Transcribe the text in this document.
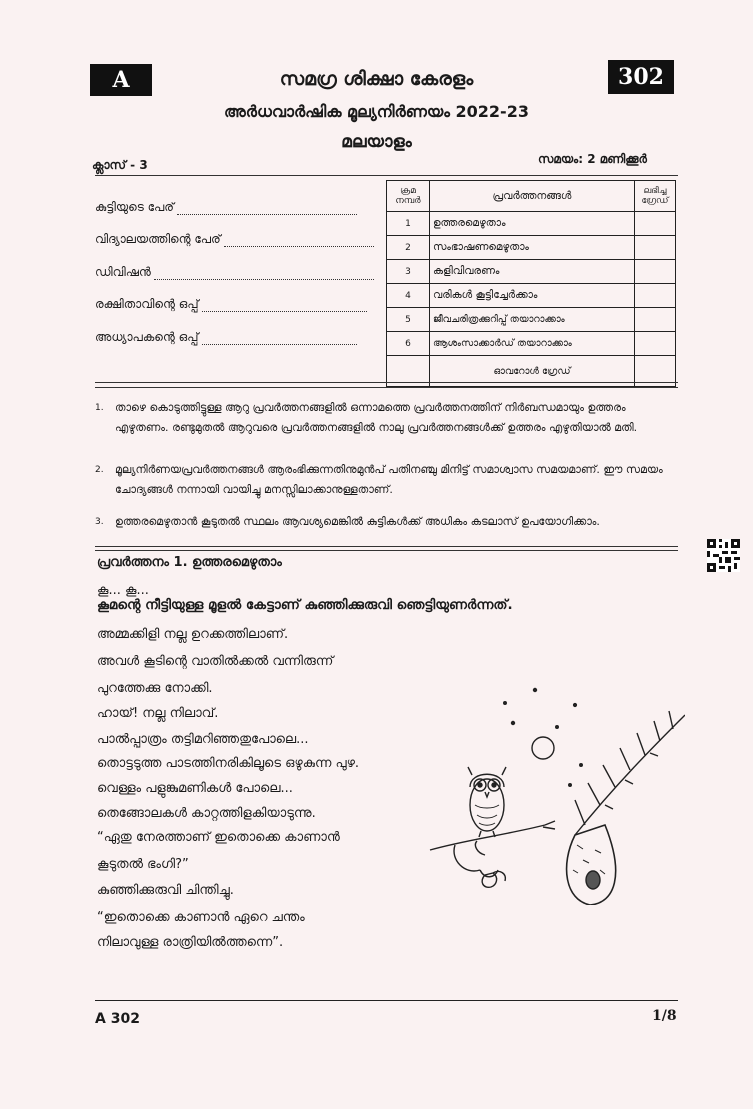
A	302
സമഗ്ര ശിക്ഷാ കേരളം
അർധവാർഷിക മൂല്യനിർണയം 2022-23
മലയാളം
ക്ലാസ് - 3	സമയം: 2 മണിക്കൂർ
കുട്ടിയുടെ പേര്
വിദ്യാലയത്തിന്റെ പേര്
ഡിവിഷൻ
രക്ഷിതാവിന്റെ ഒപ്പ്
അധ്യാപകന്റെ ഒപ്പ്
ക്രമ നമ്പർ	പ്രവർത്തനങ്ങൾ	ലഭിച്ച ഗ്രേഡ്
1	ഉത്തരമെഴുതാം	
2	സംഭാഷണമെഴുതാം	
3	കളിവിവരണം	
4	വരികൾ കൂട്ടിച്ചേർക്കാം	
5	ജീവചരിത്രക്കുറിപ്പ് തയാറാക്കാം	
6	ആശംസാക്കാർഡ് തയാറാക്കാം	
	ഓവറോൾ ഗ്രേഡ്	
1.	താഴെ കൊടുത്തിട്ടുള്ള ആറു പ്രവർത്തനങ്ങളിൽ ഒന്നാമത്തെ പ്രവർത്തനത്തിന് നിർബന്ധമായും ഉത്തരം എഴുതണം. രണ്ടുമുതൽ ആറുവരെ പ്രവർത്തനങ്ങളിൽ നാലു പ്രവർത്തനങ്ങൾക്ക് ഉത്തരം എഴുതിയാൽ മതി.
2.	മൂല്യനിർണയപ്രവർത്തനങ്ങൾ ആരംഭിക്കുന്നതിനുമുൻപ് പതിനഞ്ചു മിനിട്ട് സമാശ്വാസ സമയമാണ്. ഈ സമയം ചോദ്യങ്ങൾ നന്നായി വായിച്ചു മനസ്സിലാക്കാനുള്ളതാണ്.
3.	ഉത്തരമെഴുതാൻ കൂടുതൽ സ്ഥലം ആവശ്യമെങ്കിൽ കുട്ടികൾക്ക് അധികം കടലാസ് ഉപയോഗിക്കാം.
പ്രവർത്തനം 1. ഉത്തരമെഴുതാം
കൂ... കൂ...
കൂമന്റെ നീട്ടിയുള്ള മൂളൽ കേട്ടാണ് കുഞ്ഞിക്കുരുവി ഞെട്ടിയുണർന്നത്.
അമ്മക്കിളി നല്ല ഉറക്കത്തിലാണ്.
അവൾ കൂടിന്റെ വാതിൽക്കൽ വന്നിരുന്ന്
പുറത്തേക്കു നോക്കി.
ഹായ്! നല്ല നിലാവ്.
പാൽപ്പാത്രം തട്ടിമറിഞ്ഞതുപോലെ...
തൊട്ടടുത്ത പാടത്തിനരികിലൂടെ ഒഴുകുന്ന പുഴ.
വെള്ളം പളുങ്കുമണികൾ പോലെ...
തെങ്ങോലകൾ കാറ്റത്തിളകിയാടുന്നു.
“ഏതു നേരത്താണ് ഇതൊക്കെ കാണാൻ
കൂടുതൽ ഭംഗി?”
കുഞ്ഞിക്കുരുവി ചിന്തിച്ചു.
“ഇതൊക്കെ കാണാൻ ഏറെ ചന്തം
നിലാവുള്ള രാത്രിയിൽത്തന്നെ”.
A 302	1/8
